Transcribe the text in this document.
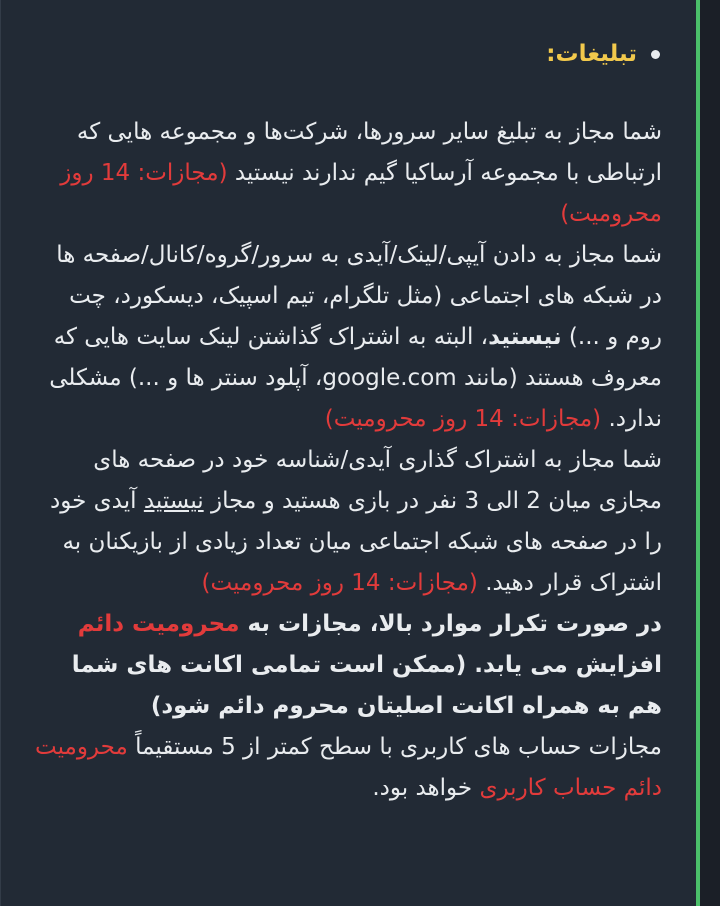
تبلیغات:

شما مجاز به تبلیغ سایر سرورها، شرکت‌ها و مجموعه هایی که ارتباطی با مجموعه آرساکیا گیم ندارند نیستید (مجازات: 14 روز محرومیت)

شما مجاز به دادن آیپی/لینک/آیدی به سرور/گروه/کانال/صفحه ها در شبکه های اجتماعی (مثل تلگرام، تیم اسپیک، دیسکورد، چت روم و ...) نیستید، البته به اشتراک گذاشتن لینک سایت هایی که معروف هستند (مانند google.com، آپلود سنتر ها و ...) مشکلی ندارد. (مجازات: 14 روز محرومیت)

شما مجاز به اشتراک گذاری آیدی/شناسه خود در صفحه های مجازی میان 2 الی 3 نفر در بازی هستید و مجاز نیستید آیدی خود را در صفحه های شبکه اجتماعی میان تعداد زیادی از بازیکنان به اشتراک قرار دهید. (مجازات: 14 روز محرومیت)

در صورت تکرار موارد بالا، مجازات به محرومیت دائم افزایش می یابد. (ممکن است تمامی اکانت های شما هم به همراه اکانت اصلیتان محروم دائم شود)

مجازات حساب های کاربری با سطح کمتر از 5 مستقیماً محرومیت دائم حساب کاربری خواهد بود.
